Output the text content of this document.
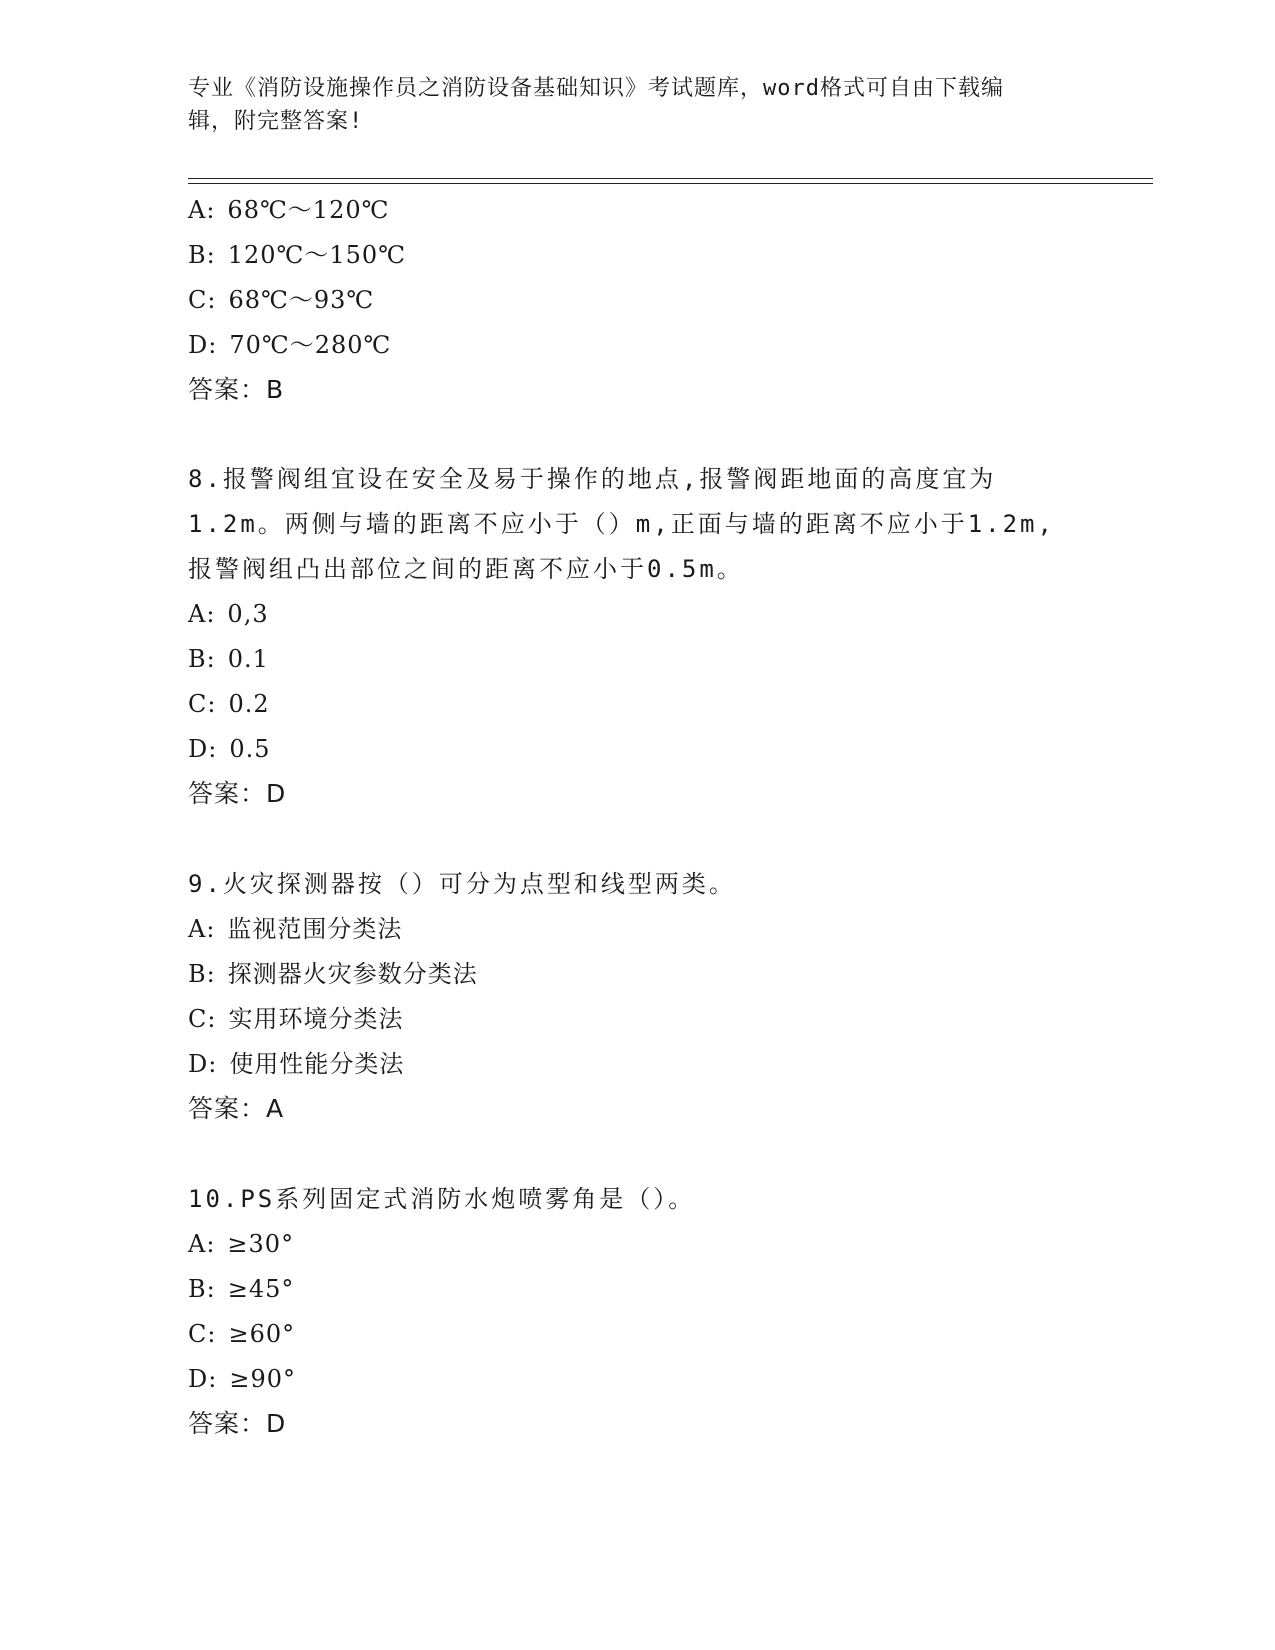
专业《消防设施操作员之消防设备基础知识》考试题库，word格式可自由下载编
辑，附完整答案!
A: 68℃～120℃
B: 120℃～150℃
C: 68℃～93℃
D: 70℃～280℃
答案：B
8.报警阀组宜设在安全及易于操作的地点,报警阀距地面的高度宜为
1.2m。两侧与墙的距离不应小于（）m,正面与墙的距离不应小于1.2m,
报警阀组凸出部位之间的距离不应小于0.5m。
A: 0,3
B: 0.1
C: 0.2
D: 0.5
答案：D
9.火灾探测器按（）可分为点型和线型两类。
A: 监视范围分类法
B: 探测器火灾参数分类法
C: 实用环境分类法
D: 使用性能分类法
答案：A
10.PS系列固定式消防水炮喷雾角是（）。
A: ≥30°
B: ≥45°
C: ≥60°
D: ≥90°
答案：D
